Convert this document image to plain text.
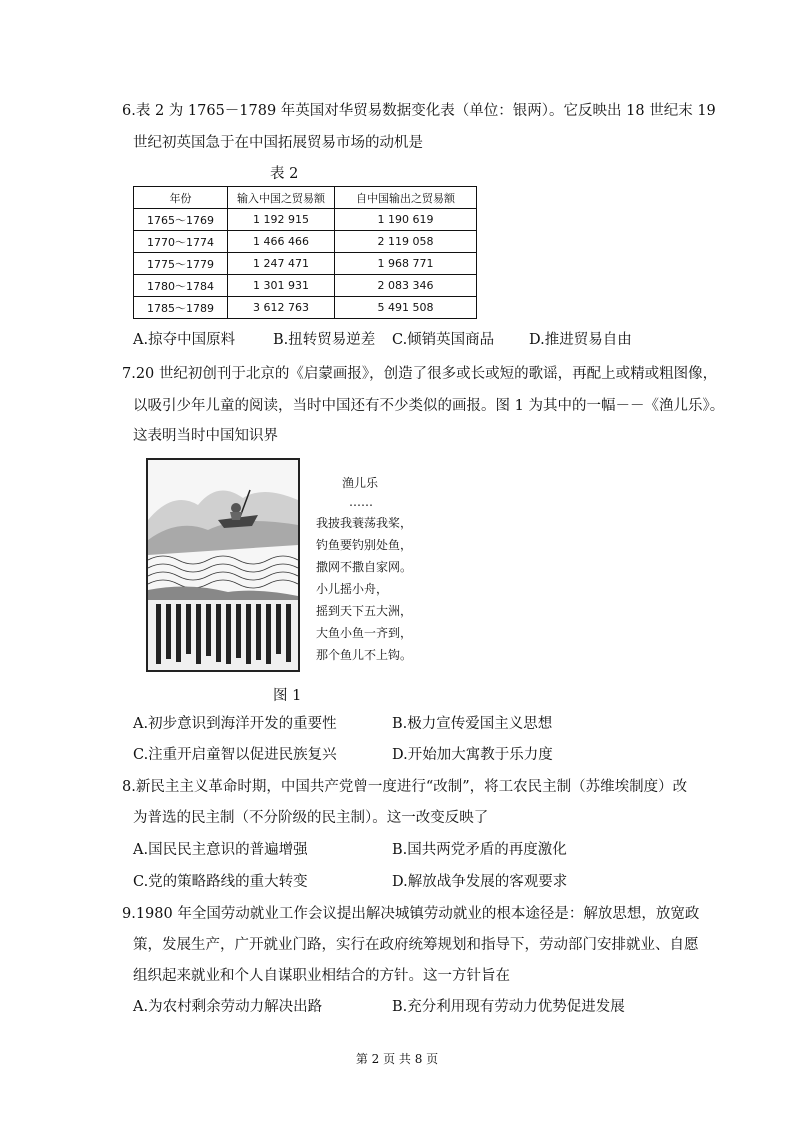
6.表 2 为 1765－1789 年英国对华贸易数据变化表（单位：银两）。它反映出 18 世纪末 19
世纪初英国急于在中国拓展贸易市场的动机是
表 2
年份	输入中国之贸易额	自中国输出之贸易额
1765～1769	1 192 915	1 190 619
1770～1774	1 466 466	2 119 058
1775～1779	1 247 471	1 968 771
1780～1784	1 301 931	2 083 346
1785～1789	3 612 763	5 491 508
A.掠夺中国原料	B.扭转贸易逆差 C.倾销英国商品 D.推进贸易自由
7.20 世纪初创刊于北京的《启蒙画报》，创造了很多或长或短的歌谣，再配上或精或粗图像，
以吸引少年儿童的阅读，当时中国还有不少类似的画报。图 1 为其中的一幅－－《渔儿乐》。
这表明当时中国知识界
渔儿乐
……
我披我蓑荡我桨，
钓鱼要钓别处鱼，
撒网不撒自家网。
小儿摇小舟，
摇到天下五大洲，
大鱼小鱼一齐到，
那个鱼儿不上钩。
图 1
A.初步意识到海洋开发的重要性	B.极力宣传爱国主义思想
C.注重开启童智以促进民族复兴	D.开始加大寓教于乐力度
8.新民主主义革命时期，中国共产党曾一度进行“改制”，将工农民主制（苏维埃制度）改
为普选的民主制（不分阶级的民主制）。这一改变反映了
A.国民民主意识的普遍增强	B.国共两党矛盾的再度激化
C.党的策略路线的重大转变	D.解放战争发展的客观要求
9.1980 年全国劳动就业工作会议提出解决城镇劳动就业的根本途径是：解放思想，放宽政
策，发展生产，广开就业门路，实行在政府统筹规划和指导下，劳动部门安排就业、自愿
组织起来就业和个人自谋职业相结合的方针。这一方针旨在
A.为农村剩余劳动力解决出路	B.充分利用现有劳动力优势促进发展
第 2 页 共 8 页
